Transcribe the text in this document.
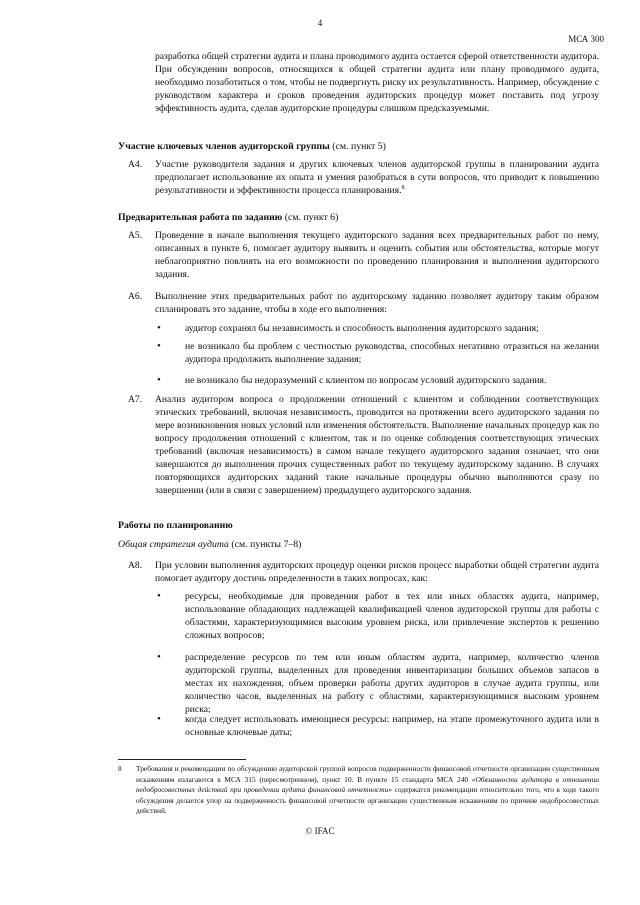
4
МСА 300
разработка общей стратегии аудита и плана проводимого аудита остается сферой ответственности аудитора. При обсуждении вопросов, относящихся к общей стратегии аудита или плану проводимого аудита, необходимо позаботиться о том, чтобы не подвергнуть риску их результативность. Например, обсуждение с руководством характера и сроков проведения аудиторских процедур может поставить под угрозу эффективность аудита, сделав аудиторские процедуры слишком предсказуемыми.
Участие ключевых членов аудиторской группы (см. пункт 5)
A4. Участие руководителя задания и других ключевых членов аудиторской группы в планировании аудита предполагает использование их опыта и умения разобраться в сути вопросов, что приводит к повышению результативности и эффективности процесса планирования.$^8$
Предварительная работа по заданию (см. пункт 6)
A5. Проведение в начале выполнения текущего аудиторского задания всех предварительных работ по нему, описанных в пункте 6, помогает аудитору выявить и оценить события или обстоятельства, которые могут неблагоприятно повлиять на его возможности по проведению планирования и выполнения аудиторского задания.
A6. Выполнение этих предварительных работ по аудиторскому заданию позволяет аудитору таким образом спланировать это задание, чтобы в ходе его выполнения:
•	аудитор сохранял бы независимость и способность выполнения аудиторского задания;
•	не возникало бы проблем с честностью руководства, способных негативно отразиться на желании аудитора продолжить выполнение задания;
•	не возникало бы недоразумений с клиентом по вопросам условий аудиторского задания.
A7. Анализ аудитором вопроса о продолжении отношений с клиентом и соблюдении соответствующих этических требований, включая независимость, проводится на протяжении всего аудиторского задания по мере возникновения новых условий или изменения обстоятельств. Выполнение начальных процедур как по вопросу продолжения отношений с клиентом, так и по оценке соблюдения соответствующих этических требований (включая независимость) в самом начале текущего аудиторского задания означает, что они завершаются до выполнения прочих существенных работ по текущему аудиторскому заданию. В случаях повторяющихся аудиторских заданий такие начальные процедуры обычно выполняются сразу по завершении (или в связи с завершением) предыдущего аудиторского задания.
Работы по планированию
Общая стратегия аудита (см. пункты 7–8)
A8. При условии выполнения аудиторских процедур оценки рисков процесс выработки общей стратегии аудита помогает аудитору достичь определенности в таких вопросах, как:
•	ресурсы, необходимые для проведения работ в тех или иных областях аудита, например, использование обладающих надлежащей квалификацией членов аудиторской группы для работы с областями, характеризующимися высоким уровнем риска, или привлечение экспертов к решению сложных вопросов;
•	распределение ресурсов по тем или иным областям аудита, например, количество членов аудиторской группы, выделенных для проведения инвентаризации больших объемов запасов в местах их нахождения, объем проверки работы других аудиторов в случае аудита группы, или количество часов, выделенных на работу с областями, характеризующимися высоким уровнем риска;
•	когда следует использовать имеющиеся ресурсы: например, на этапе промежуточного аудита или в основные ключевые даты;
8	Требования и рекомендации по обсуждению аудиторской группой вопросов подверженности финансовой отчетности организации существенным искажениям излагаются в МСА 315 (пересмотренном), пункт 10. В пункте 15 стандарта МСА 240 «Обязанности аудитора в отношении недобросовестных действий при проведении аудита финансовой отчетности» содержатся рекомендации относительно того, что в ходе такого обсуждения делается упор на подверженность финансовой отчетности организации существенным искажениям по причине недобросовестных действий.
© IFAC
